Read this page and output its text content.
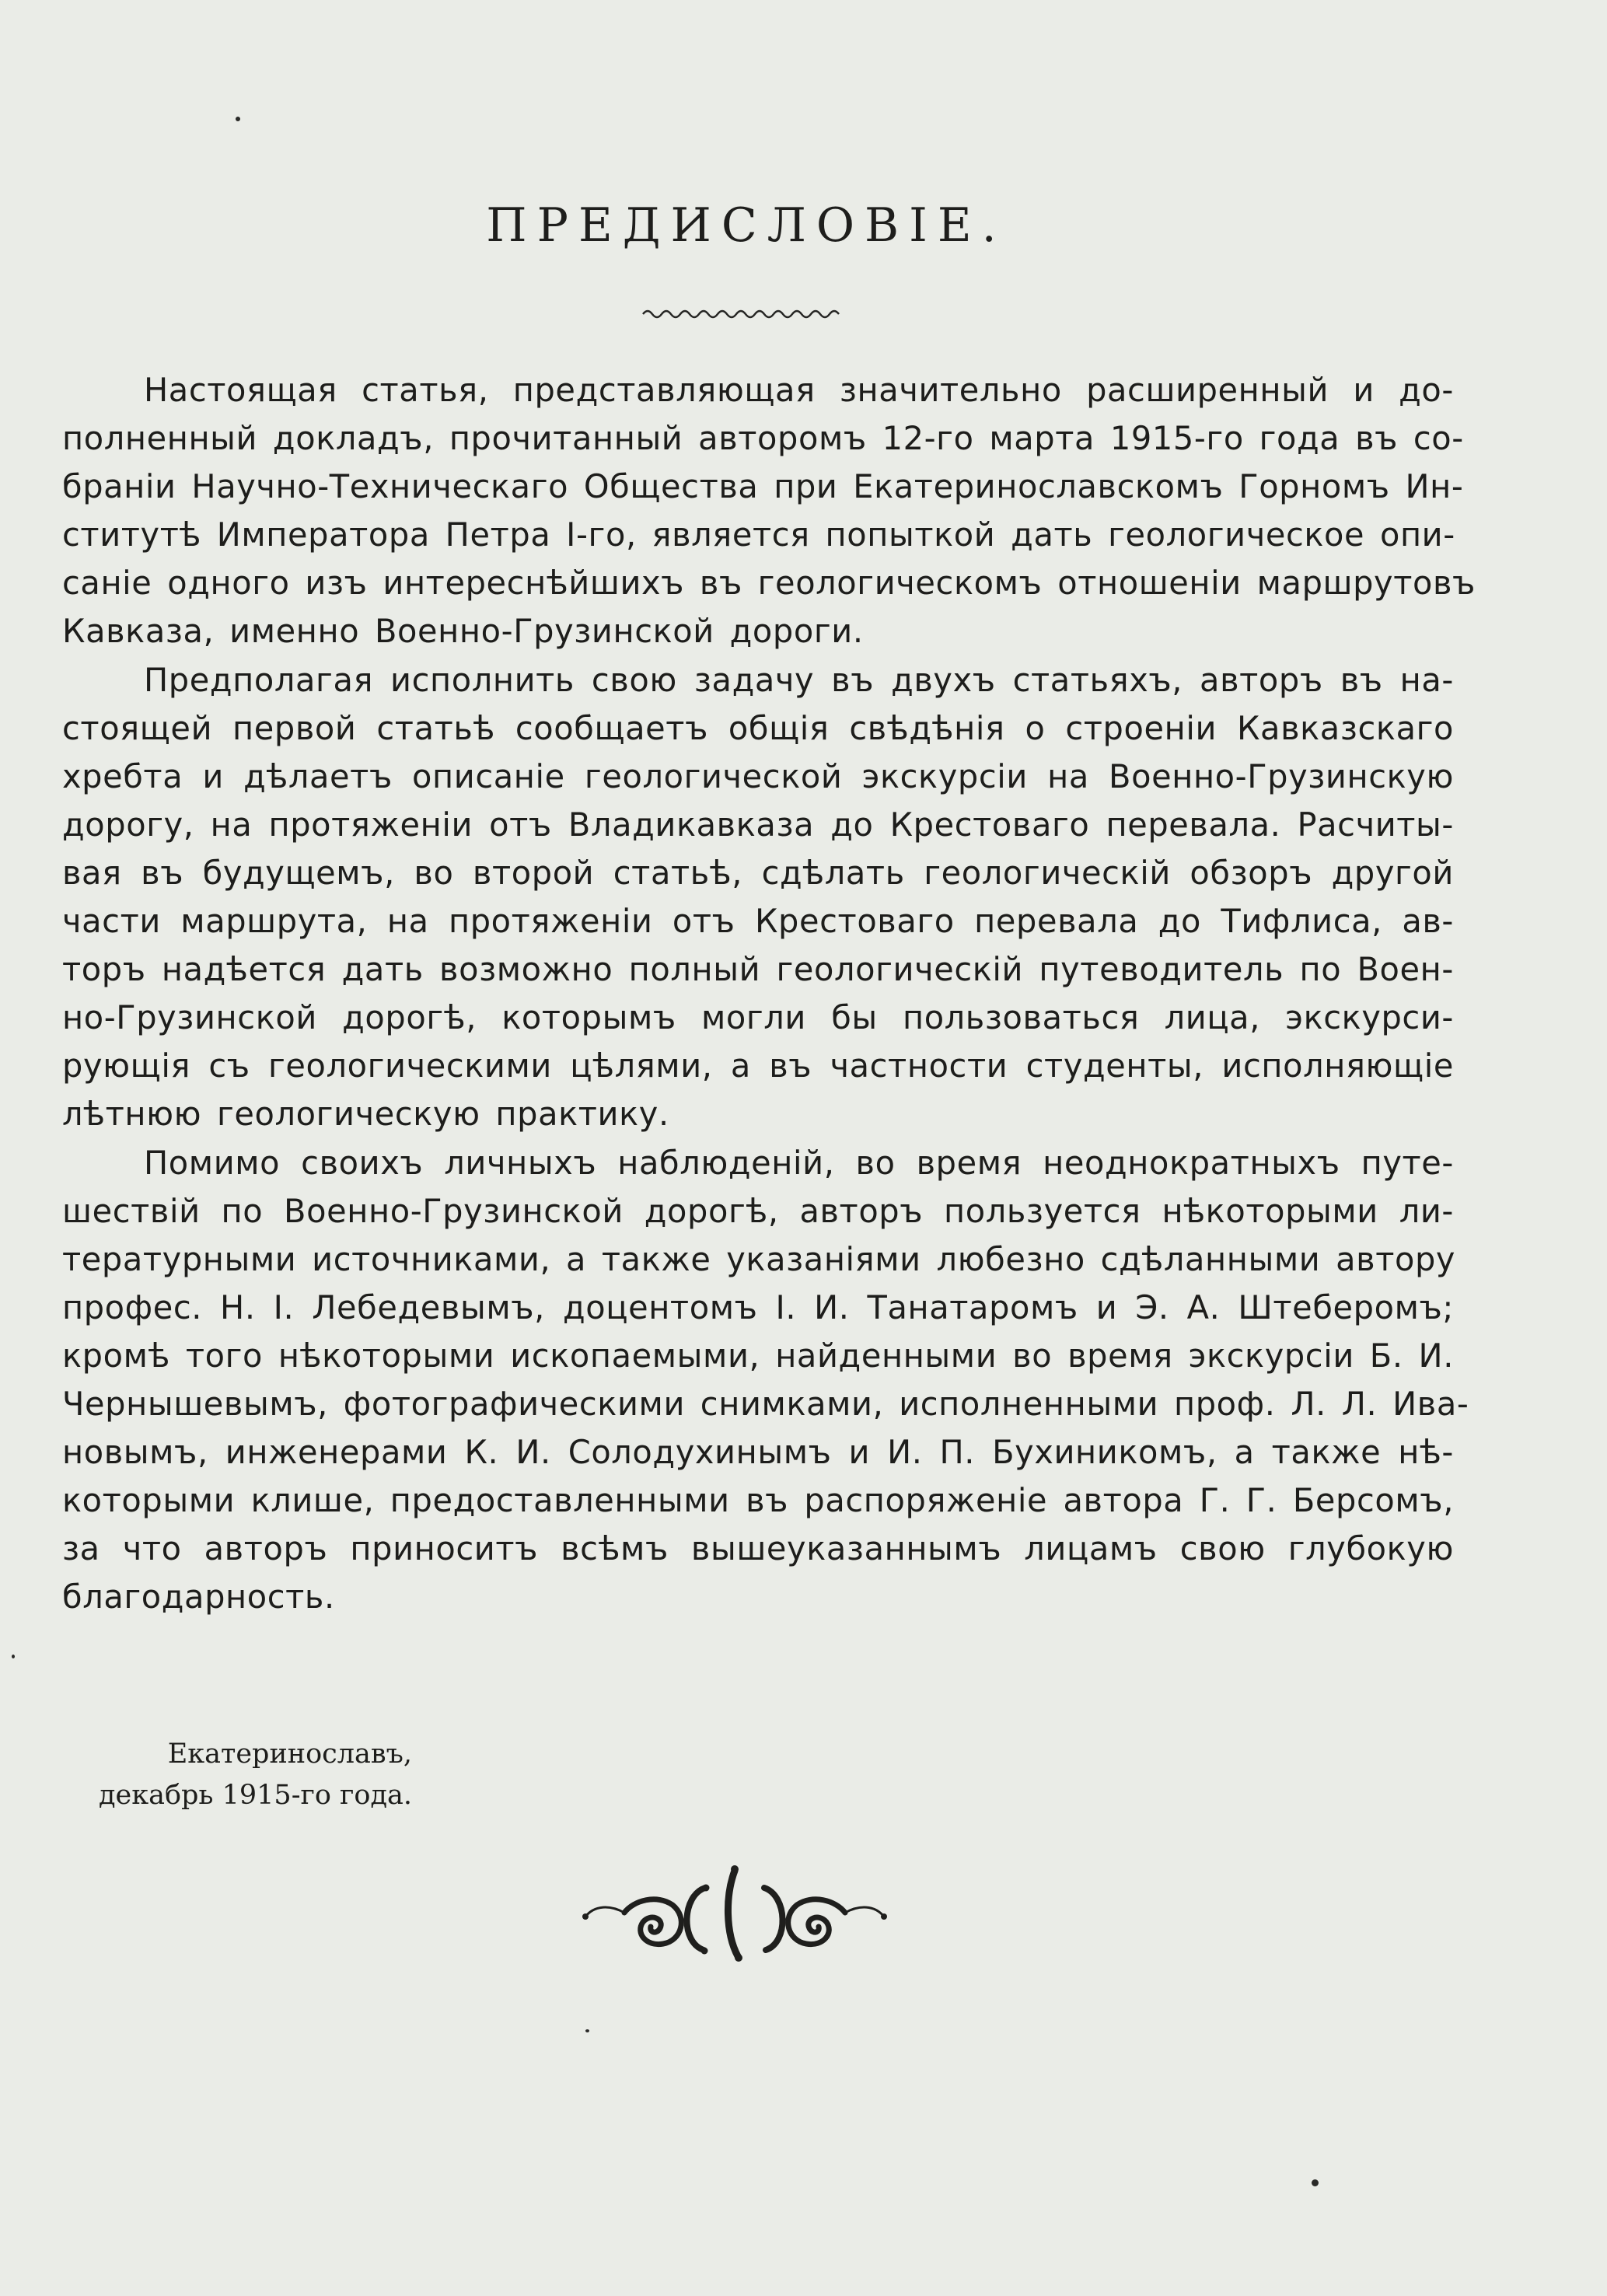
ПРЕДИСЛОВІЕ.
Настоящая статья, представляющая значительно расширенный и до-
полненный докладъ, прочитанный авторомъ 12-го марта 1915-го года въ со-
браніи Научно-Техническаго Общества при Екатеринославскомъ Горномъ Ин-
ститутѣ Императора Петра I-го, является попыткой дать геологическое опи-
саніе одного изъ интереснѣйшихъ въ геологическомъ отношеніи маршрутовъ
Кавказа, именно Военно-Грузинской дороги.
Предполагая исполнить свою задачу въ двухъ статьяхъ, авторъ въ на-
стоящей первой статьѣ сообщаетъ общія свѣдѣнія о строеніи Кавказскаго
хребта и дѣлаетъ описаніе геологической экскурсіи на Военно-Грузинскую
дорогу, на протяженіи отъ Владикавказа до Крестоваго перевала. Расчиты-
вая въ будущемъ, во второй статьѣ, сдѣлать геологическій обзоръ другой
части маршрута, на протяженіи отъ Крестоваго перевала до Тифлиса, ав-
торъ надѣется дать возможно полный геологическій путеводитель по Воен-
но-Грузинской дорогѣ, которымъ могли бы пользоваться лица, экскурси-
рующія съ геологическими цѣлями, а въ частности студенты, исполняющіе
лѣтнюю геологическую практику.
Помимо своихъ личныхъ наблюденій, во время неоднократныхъ путе-
шествій по Военно-Грузинской дорогѣ, авторъ пользуется нѣкоторыми ли-
тературными источниками, а также указаніями любезно сдѣланными автору
профес. Н. І. Лебедевымъ, доцентомъ І. И. Танатаромъ и Э. А. Штеберомъ;
кромѣ того нѣкоторыми ископаемыми, найденными во время экскурсіи Б. И.
Чернышевымъ, фотографическими снимками, исполненными проф. Л. Л. Ива-
новымъ, инженерами К. И. Солодухинымъ и И. П. Бухиникомъ, а также нѣ-
которыми клише, предоставленными въ распоряженіе автора Г. Г. Берсомъ,
за что авторъ приноситъ всѣмъ вышеуказаннымъ лицамъ свою глубокую
благодарность.
Екатеринославъ,
декабрь 1915-го года.
